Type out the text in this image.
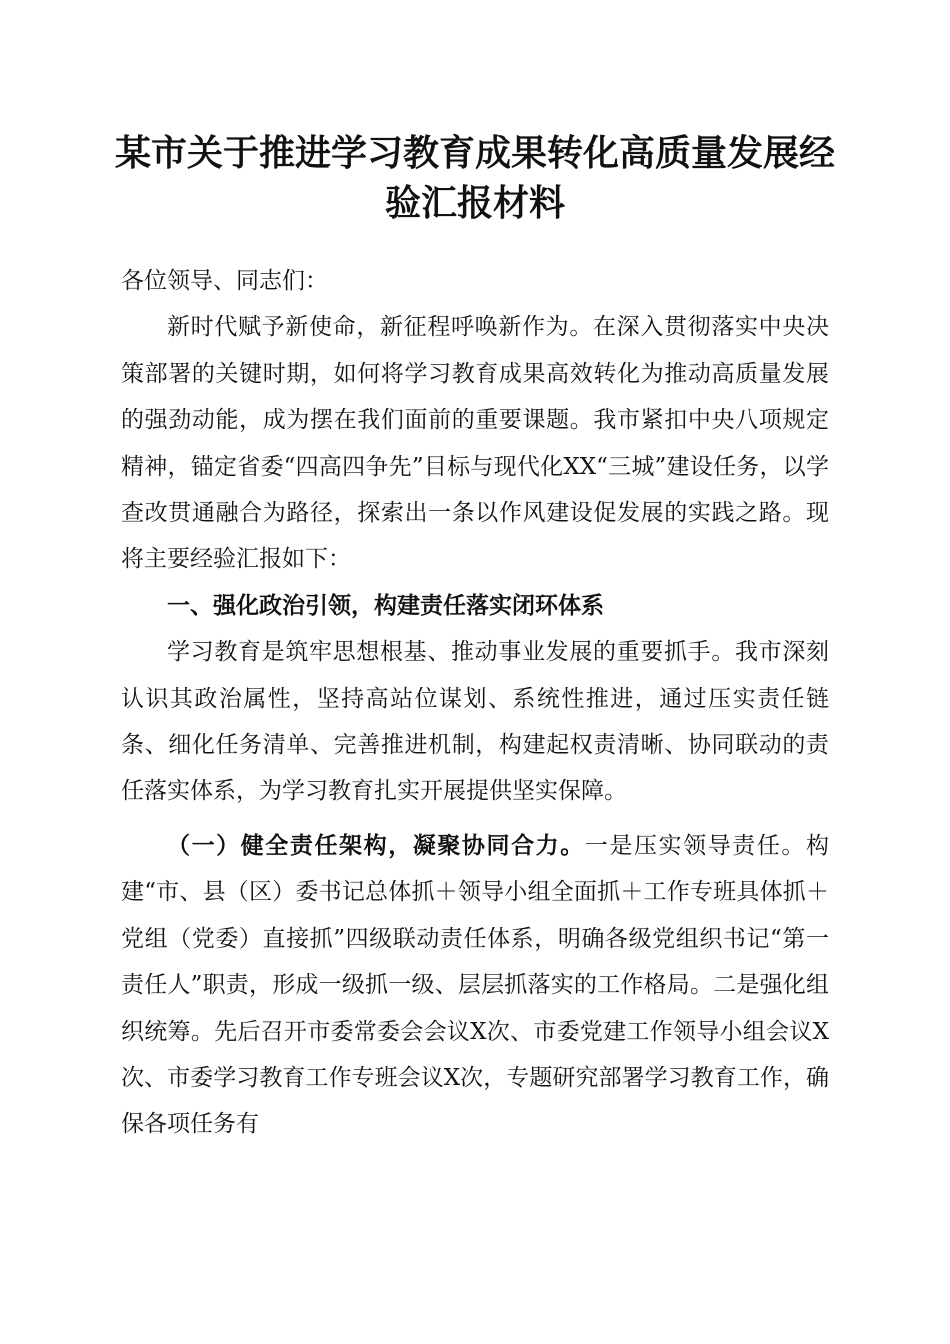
某市关于推进学习教育成果转化高质量发展经验汇报材料

各位领导、同志们：

新时代赋予新使命，新征程呼唤新作为。在深入贯彻落实中央决策部署的关键时期，如何将学习教育成果高效转化为推动高质量发展的强劲动能，成为摆在我们面前的重要课题。我市紧扣中央八项规定精神，锚定省委“四高四争先”目标与现代化XX“三城”建设任务，以学查改贯通融合为路径，探索出一条以作风建设促发展的实践之路。现将主要经验汇报如下：

一、强化政治引领，构建责任落实闭环体系

学习教育是筑牢思想根基、推动事业发展的重要抓手。我市深刻认识其政治属性，坚持高站位谋划、系统性推进，通过压实责任链条、细化任务清单、完善推进机制，构建起权责清晰、协同联动的责任落实体系，为学习教育扎实开展提供坚实保障。

（一）健全责任架构，凝聚协同合力。一是压实领导责任。构建“市、县（区）委书记总体抓＋领导小组全面抓＋工作专班具体抓＋党组（党委）直接抓”四级联动责任体系，明确各级党组织书记“第一责任人”职责，形成一级抓一级、层层抓落实的工作格局。二是强化组织统筹。先后召开市委常委会会议X次、市委党建工作领导小组会议X次、市委学习教育工作专班会议X次，专题研究部署学习教育工作，确保各项任务有
